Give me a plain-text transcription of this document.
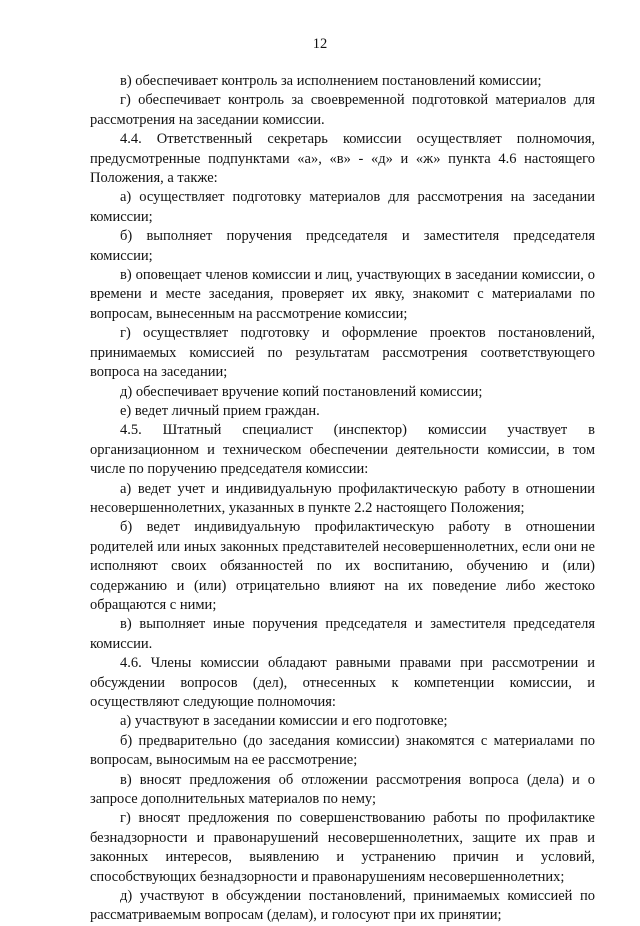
12

в) обеспечивает контроль за исполнением постановлений комиссии;

г) обеспечивает контроль за своевременной подготовкой материалов для рассмотрения на заседании комиссии.

4.4. Ответственный секретарь комиссии осуществляет полномочия, предусмотренные подпунктами «а», «в» - «д» и «ж» пункта 4.6 настоящего Положения, а также:

а) осуществляет подготовку материалов для рассмотрения на заседании комиссии;

б) выполняет поручения председателя и заместителя председателя комиссии;

в) оповещает членов комиссии и лиц, участвующих в заседании комиссии, о времени и месте заседания, проверяет их явку, знакомит с материалами по вопросам, вынесенным на рассмотрение комиссии;

г) осуществляет подготовку и оформление проектов постановлений, принимаемых комиссией по результатам рассмотрения соответствующего вопроса на заседании;

д) обеспечивает вручение копий постановлений комиссии;

е) ведет личный прием граждан.

4.5. Штатный специалист (инспектор) комиссии участвует в организационном и техническом обеспечении деятельности комиссии, в том числе по поручению председателя комиссии:

а) ведет учет и индивидуальную профилактическую работу в отношении несовершеннолетних, указанных в пункте 2.2 настоящего Положения;

б) ведет индивидуальную профилактическую работу в отношении родителей или иных законных представителей несовершеннолетних, если они не исполняют своих обязанностей по их воспитанию, обучению и (или) содержанию и (или) отрицательно влияют на их поведение либо жестоко обращаются с ними;

в) выполняет иные поручения председателя и заместителя председателя комиссии.

4.6. Члены комиссии обладают равными правами при рассмотрении и обсуждении вопросов (дел), отнесенных к компетенции комиссии, и осуществляют следующие полномочия:

а) участвуют в заседании комиссии и его подготовке;

б) предварительно (до заседания комиссии) знакомятся с материалами по вопросам, выносимым на ее рассмотрение;

в) вносят предложения об отложении рассмотрения вопроса (дела) и о запросе дополнительных материалов по нему;

г) вносят предложения по совершенствованию работы по профилактике безнадзорности и правонарушений несовершеннолетних, защите их прав и законных интересов, выявлению и устранению причин и условий, способствующих безнадзорности и правонарушениям несовершеннолетних;

д) участвуют в обсуждении постановлений, принимаемых комиссией по рассматриваемым вопросам (делам), и голосуют при их принятии;
